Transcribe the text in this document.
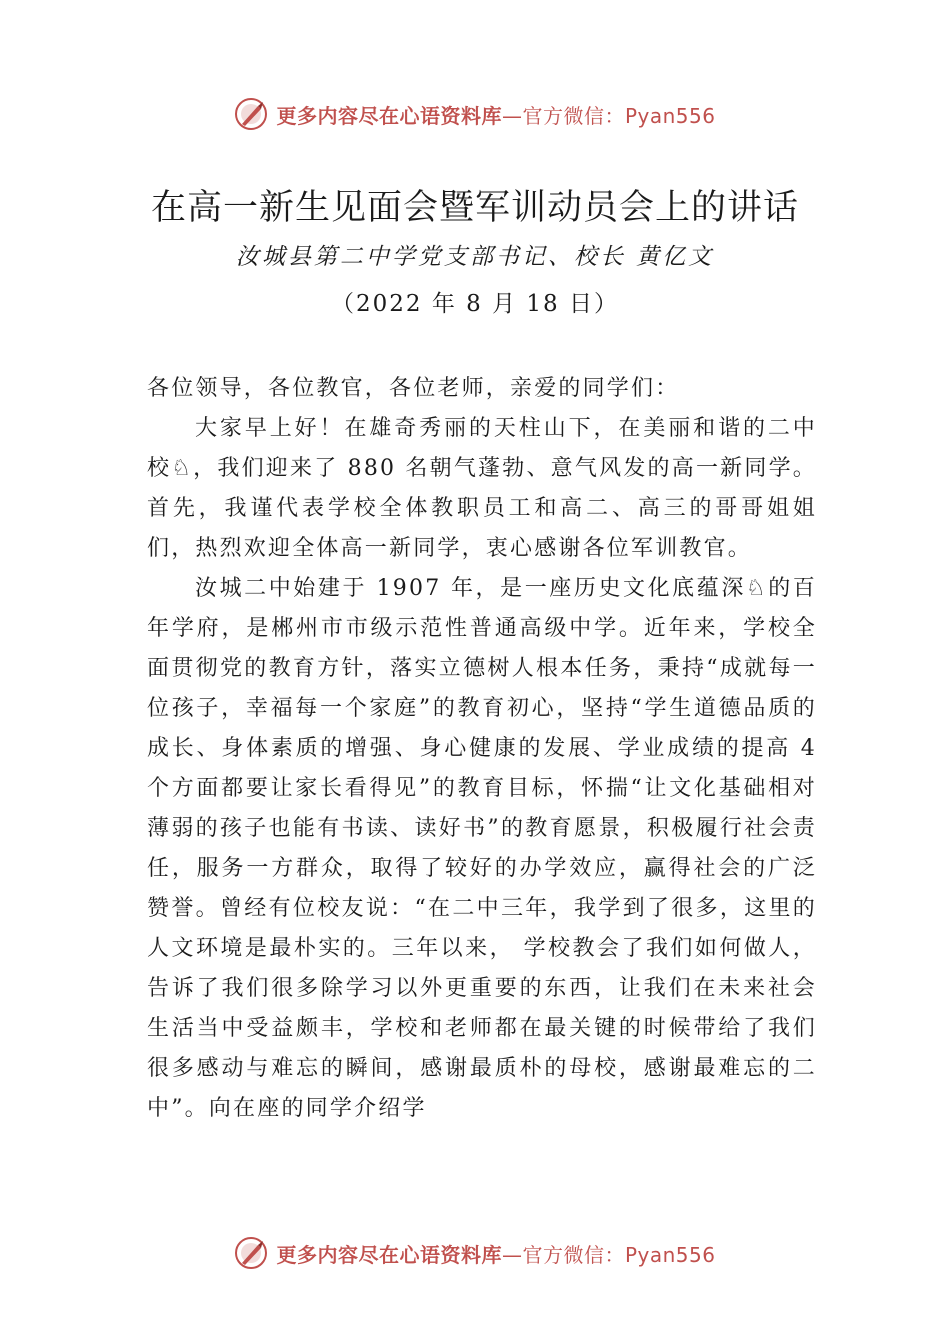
更多内容尽在心语资料库—官方微信：Pyan556
在高一新生见面会暨军训动员会上的讲话
汝城县第二中学党支部书记、校长 黄亿文
（2022 年 8 月 18 日）

各位领导，各位教官，各位老师，亲爱的同学们：

大家早上好！在雄奇秀丽的天柱山下，在美丽和谐的二中校♘，我们迎来了 880 名朝气蓬勃、意气风发的高一新同学。首先，我谨代表学校全体教职员工和高二、高三的哥哥姐姐们，热烈欢迎全体高一新同学，衷心感谢各位军训教官。

汝城二中始建于 1907 年，是一座历史文化底蕴深♘的百年学府，是郴州市市级示范性普通高级中学。近年来，学校全面贯彻党的教育方针，落实立德树人根本任务，秉持“成就每一位孩子，幸福每一个家庭”的教育初心，坚持“学生道德品质的成长、身体素质的增强、身心健康的发展、学业成绩的提高 4 个方面都要让家长看得见”的教育目标，怀揣“让文化基础相对薄弱的孩子也能有书读、读好书”的教育愿景，积极履行社会责任，服务一方群众，取得了较好的办学效应，赢得社会的广泛赞誉。曾经有位校友说：“在二中三年，我学到了很多，这里的人文环境是最朴实的。三年以来， 学校教会了我们如何做人，告诉了我们很多除学习以外更重要的东西，让我们在未来社会生活当中受益颇丰，学校和老师都在最关键的时候带给了我们很多感动与难忘的瞬间，感谢最质朴的母校，感谢最难忘的二中”。向在座的同学介绍学

更多内容尽在心语资料库—官方微信：Pyan556
